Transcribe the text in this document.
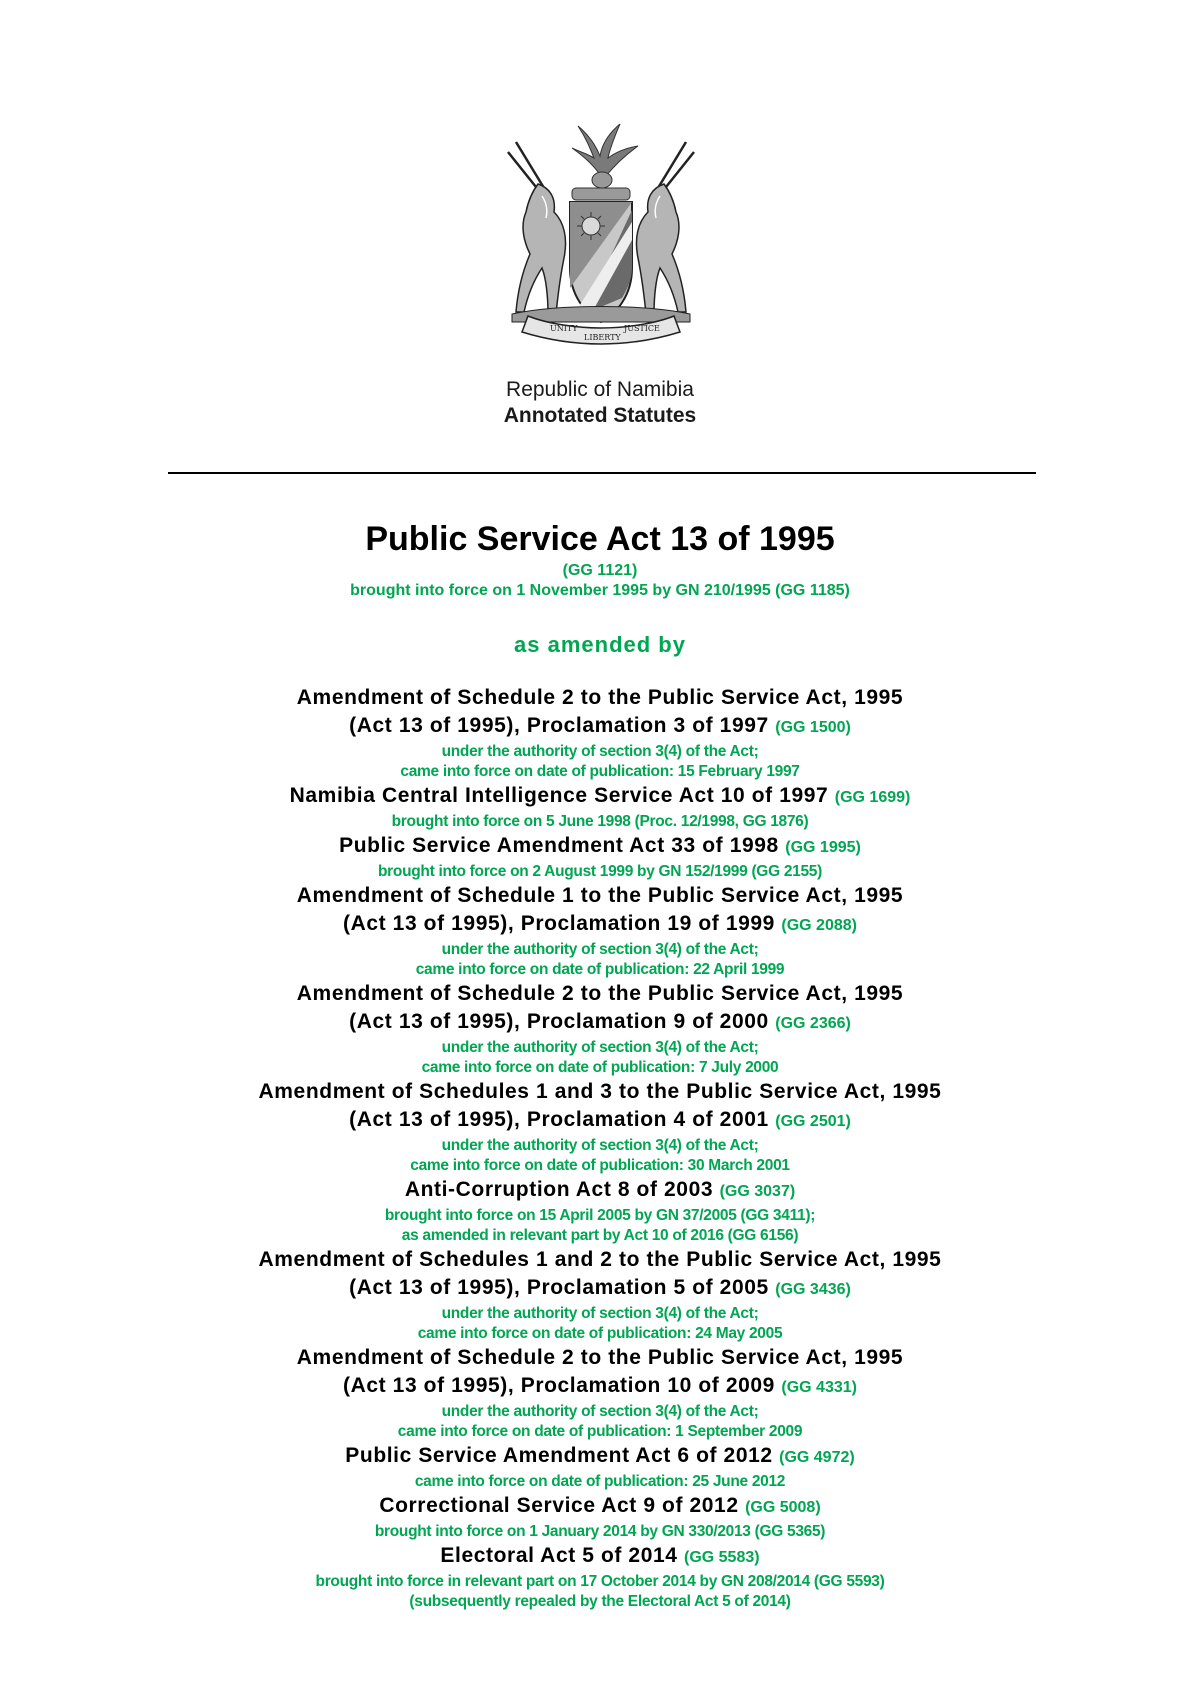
UNITY
LIBERTY
JUSTICE
Republic of Namibia
Annotated Statutes
Public Service Act 13 of 1995
(GG 1121)
brought into force on 1 November 1995 by GN 210/1995 (GG 1185)
as amended by
Amendment of Schedule 2 to the Public Service Act, 1995
(Act 13 of 1995), Proclamation 3 of 1997 (GG 1500)
under the authority of section 3(4) of the Act;
came into force on date of publication: 15 February 1997
Namibia Central Intelligence Service Act 10 of 1997 (GG 1699)
brought into force on 5 June 1998 (Proc. 12/1998, GG 1876)
Public Service Amendment Act 33 of 1998 (GG 1995)
brought into force on 2 August 1999 by GN 152/1999 (GG 2155)
Amendment of Schedule 1 to the Public Service Act, 1995
(Act 13 of 1995), Proclamation 19 of 1999 (GG 2088)
under the authority of section 3(4) of the Act;
came into force on date of publication: 22 April 1999
Amendment of Schedule 2 to the Public Service Act, 1995
(Act 13 of 1995), Proclamation 9 of 2000 (GG 2366)
under the authority of section 3(4) of the Act;
came into force on date of publication: 7 July 2000
Amendment of Schedules 1 and 3 to the Public Service Act, 1995
(Act 13 of 1995), Proclamation 4 of 2001 (GG 2501)
under the authority of section 3(4) of the Act;
came into force on date of publication: 30 March 2001
Anti-Corruption Act 8 of 2003 (GG 3037)
brought into force on 15 April 2005 by GN 37/2005 (GG 3411);
as amended in relevant part by Act 10 of 2016 (GG 6156)
Amendment of Schedules 1 and 2 to the Public Service Act, 1995
(Act 13 of 1995), Proclamation 5 of 2005 (GG 3436)
under the authority of section 3(4) of the Act;
came into force on date of publication: 24 May 2005
Amendment of Schedule 2 to the Public Service Act, 1995
(Act 13 of 1995), Proclamation 10 of 2009 (GG 4331)
under the authority of section 3(4) of the Act;
came into force on date of publication: 1 September 2009
Public Service Amendment Act 6 of 2012 (GG 4972)
came into force on date of publication: 25 June 2012
Correctional Service Act 9 of 2012 (GG 5008)
brought into force on 1 January 2014 by GN 330/2013 (GG 5365)
Electoral Act 5 of 2014 (GG 5583)
brought into force in relevant part on 17 October 2014 by GN 208/2014 (GG 5593)
(subsequently repealed by the Electoral Act 5 of 2014)
